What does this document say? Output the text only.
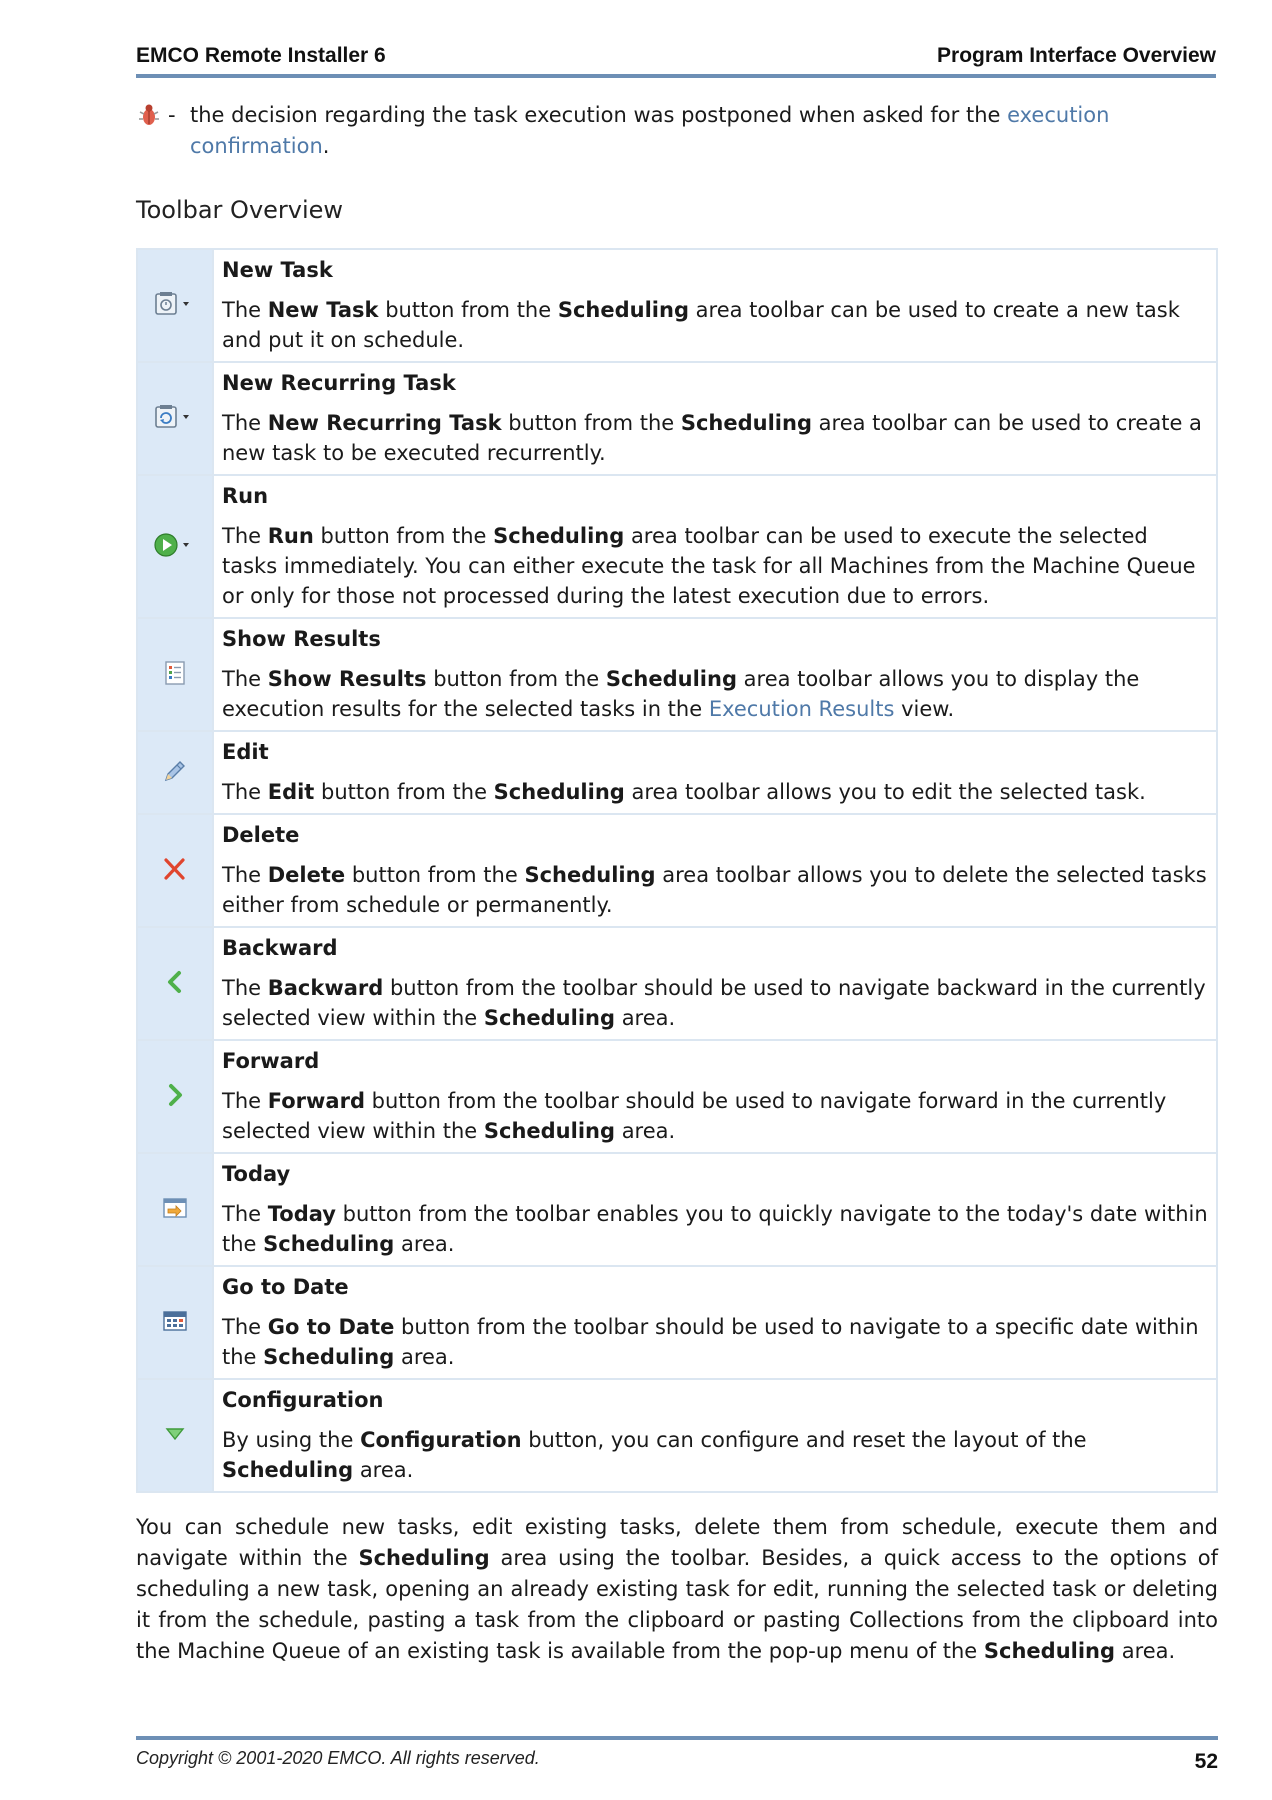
EMCO Remote Installer 6	Program Interface Overview
- the decision regarding the task execution was postponed when asked for the execution confirmation.
Toolbar Overview

New Task
The New Task button from the Scheduling area toolbar can be used to create a new task and put it on schedule.

New Recurring Task
The New Recurring Task button from the Scheduling area toolbar can be used to create a new task to be executed recurrently.

Run
The Run button from the Scheduling area toolbar can be used to execute the selected tasks immediately. You can either execute the task for all Machines from the Machine Queue or only for those not processed during the latest execution due to errors.

Show Results
The Show Results button from the Scheduling area toolbar allows you to display the execution results for the selected tasks in the Execution Results view.

Edit
The Edit button from the Scheduling area toolbar allows you to edit the selected task.

Delete
The Delete button from the Scheduling area toolbar allows you to delete the selected tasks either from schedule or permanently.

Backward
The Backward button from the toolbar should be used to navigate backward in the currently selected view within the Scheduling area.

Forward
The Forward button from the toolbar should be used to navigate forward in the currently selected view within the Scheduling area.

Today
The Today button from the toolbar enables you to quickly navigate to the today's date within the Scheduling area.

Go to Date
The Go to Date button from the toolbar should be used to navigate to a specific date within the Scheduling area.

Configuration
By using the Configuration button, you can configure and reset the layout of the Scheduling area.
You can schedule new tasks, edit existing tasks, delete them from schedule, execute them and navigate within the Scheduling area using the toolbar. Besides, a quick access to the options of scheduling a new task, opening an already existing task for edit, running the selected task or deleting it from the schedule, pasting a task from the clipboard or pasting Collections from the clipboard into the Machine Queue of an existing task is available from the pop-up menu of the Scheduling area.
Copyright © 2001-2020 EMCO. All rights reserved.	52
